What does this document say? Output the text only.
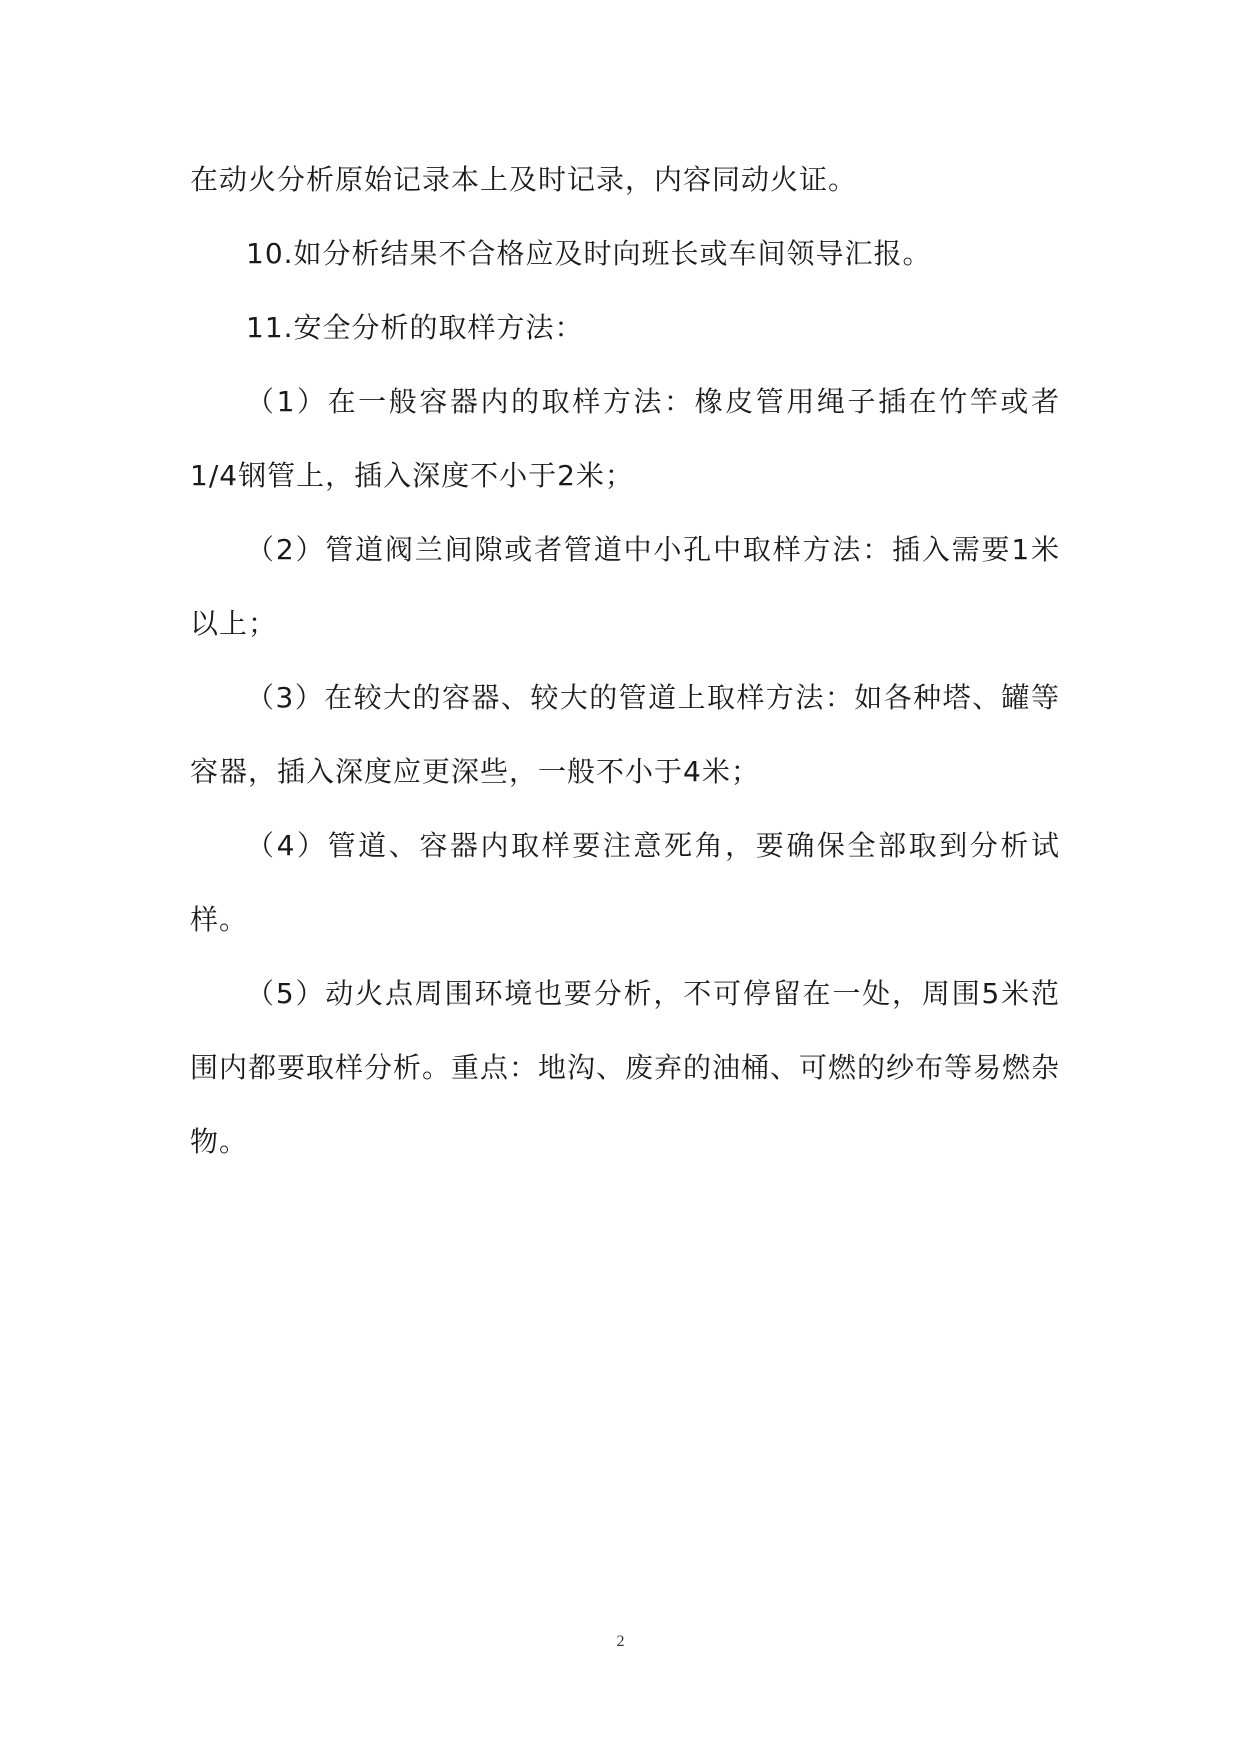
在动火分析原始记录本上及时记录，内容同动火证。

10.如分析结果不合格应及时向班长或车间领导汇报。

11.安全分析的取样方法：

（1）在一般容器内的取样方法：橡皮管用绳子插在竹竿或者1/4钢管上，插入深度不小于2米；

（2）管道阀兰间隙或者管道中小孔中取样方法：插入需要1米以上；

（3）在较大的容器、较大的管道上取样方法：如各种塔、罐等容器，插入深度应更深些，一般不小于4米；

（4）管道、容器内取样要注意死角，要确保全部取到分析试样。

（5）动火点周围环境也要分析，不可停留在一处，周围5米范围内都要取样分析。重点：地沟、废弃的油桶、可燃的纱布等易燃杂物。

2
